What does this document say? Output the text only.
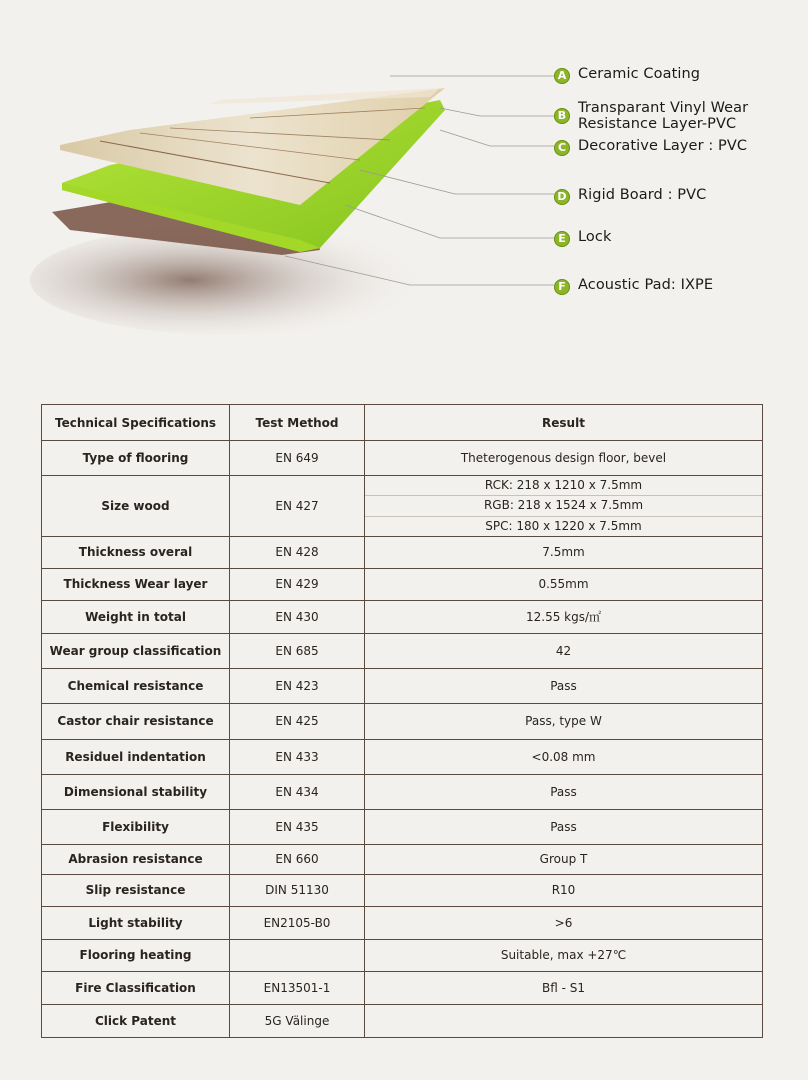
A Ceramic Coating
B Transparant Vinyl Wear
Resistance Layer-PVC
C Decorative Layer : PVC
D Rigid Board : PVC
E Lock
F Acoustic Pad: IXPE
Technical Specifications	Test Method	Result
Type of flooring	EN 649	Theterogenous design floor, bevel
Size wood	EN 427	RCK: 218 x 1210 x 7.5mm
RGB: 218 x 1524 x 7.5mm
SPC: 180 x 1220 x 7.5mm

Thickness overal	EN 428	7.5mm
Thickness Wear layer	EN 429	0.55mm
Weight in total	EN 430	12.55 kgs/㎡
Wear group classification	EN 685	42
Chemical resistance	EN 423	Pass
Castor chair resistance	EN 425	Pass, type W
Residuel indentation	EN 433	<0.08 mm
Dimensional stability	EN 434	Pass
Flexibility	EN 435	Pass
Abrasion resistance	EN 660	Group T
Slip resistance	DIN 51130	R10
Light stability	EN2105-B0	>6
Flooring heating		Suitable, max +27℃
Fire Classification	EN13501-1	Bfl - S1
Click Patent	5G Välinge	
